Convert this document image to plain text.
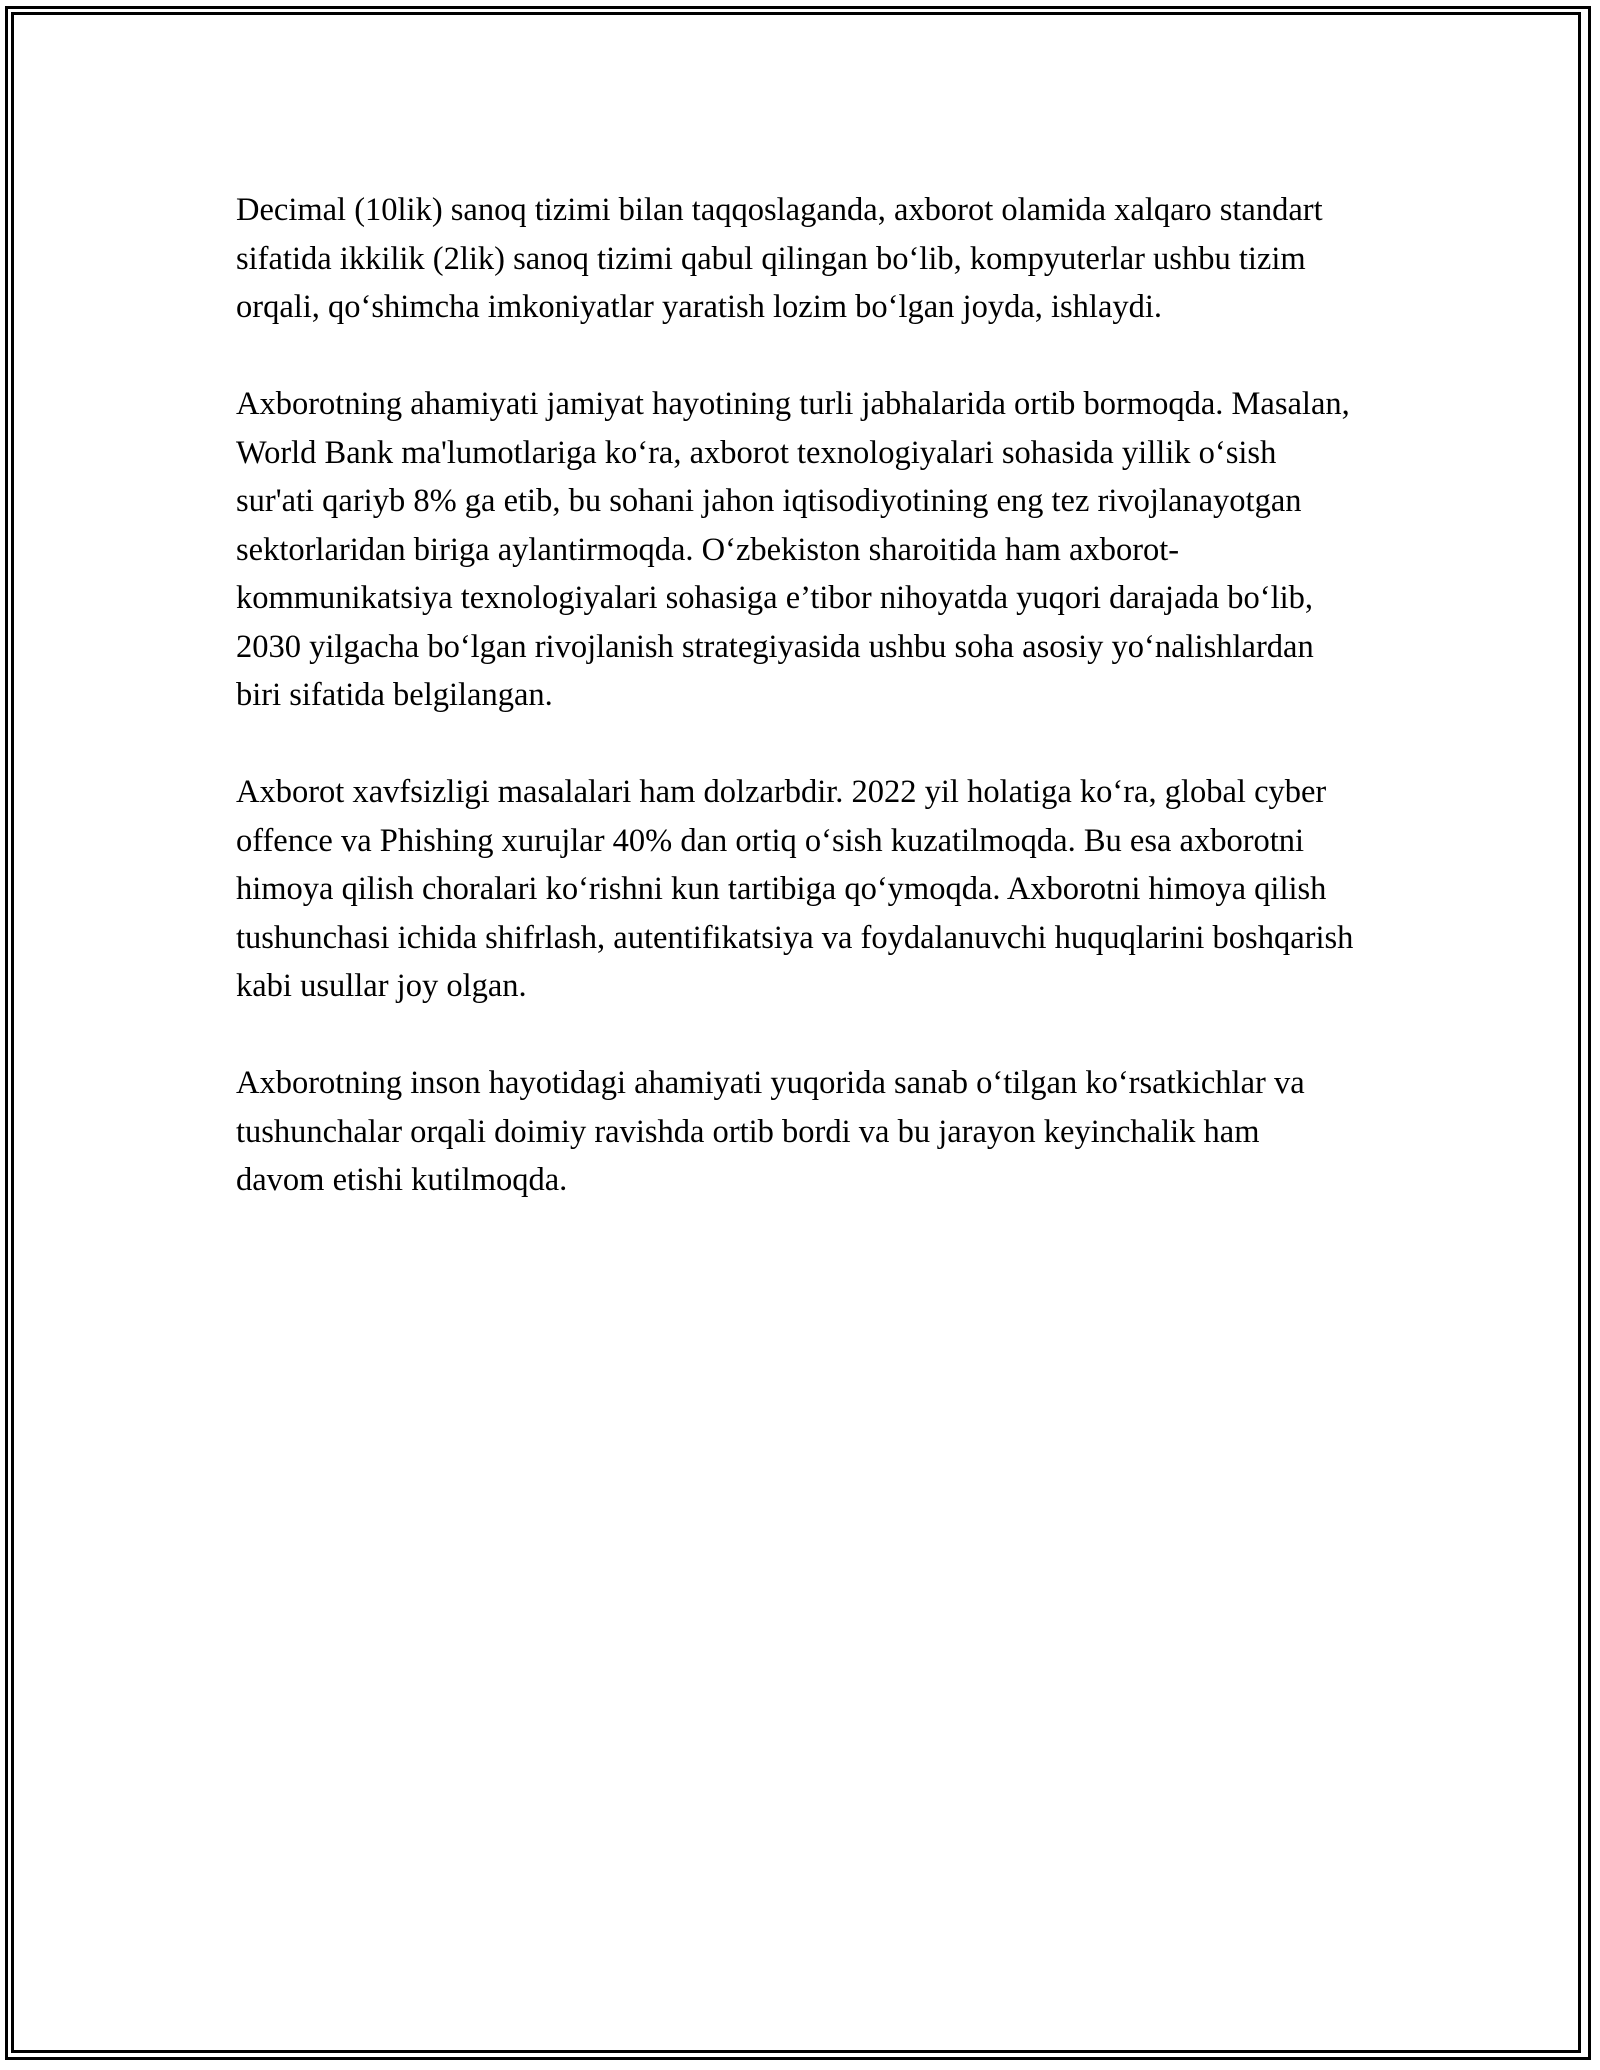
Decimal (10lik) sanoq tizimi bilan taqqoslaganda, axborot olamida xalqaro standart sifatida ikkilik (2lik) sanoq tizimi qabul qilingan bo‘lib, kompyuterlar ushbu tizim orqali, qo‘shimcha imkoniyatlar yaratish lozim bo‘lgan joyda, ishlaydi.

Axborotning ahamiyati jamiyat hayotining turli jabhalarida ortib bormoqda. Masalan, World Bank ma'lumotlariga ko‘ra, axborot texnologiyalari sohasida yillik o‘sish sur'ati qariyb 8% ga etib, bu sohani jahon iqtisodiyotining eng tez rivojlanayotgan sektorlaridan biriga aylantirmoqda. O‘zbekiston sharoitida ham axborot-kommunikatsiya texnologiyalari sohasiga e’tibor nihoyatda yuqori darajada bo‘lib, 2030 yilgacha bo‘lgan rivojlanish strategiyasida ushbu soha asosiy yo‘nalishlardan biri sifatida belgilangan.

Axborot xavfsizligi masalalari ham dolzarbdir. 2022 yil holatiga ko‘ra, global cyber offence va Phishing xurujlar 40% dan ortiq o‘sish kuzatilmoqda. Bu esa axborotni himoya qilish choralari ko‘rishni kun tartibiga qo‘ymoqda. Axborotni himoya qilish tushunchasi ichida shifrlash, autentifikatsiya va foydalanuvchi huquqlarini boshqarish kabi usullar joy olgan.

Axborotning inson hayotidagi ahamiyati yuqorida sanab o‘tilgan ko‘rsatkichlar va tushunchalar orqali doimiy ravishda ortib bordi va bu jarayon keyinchalik ham davom etishi kutilmoqda.
